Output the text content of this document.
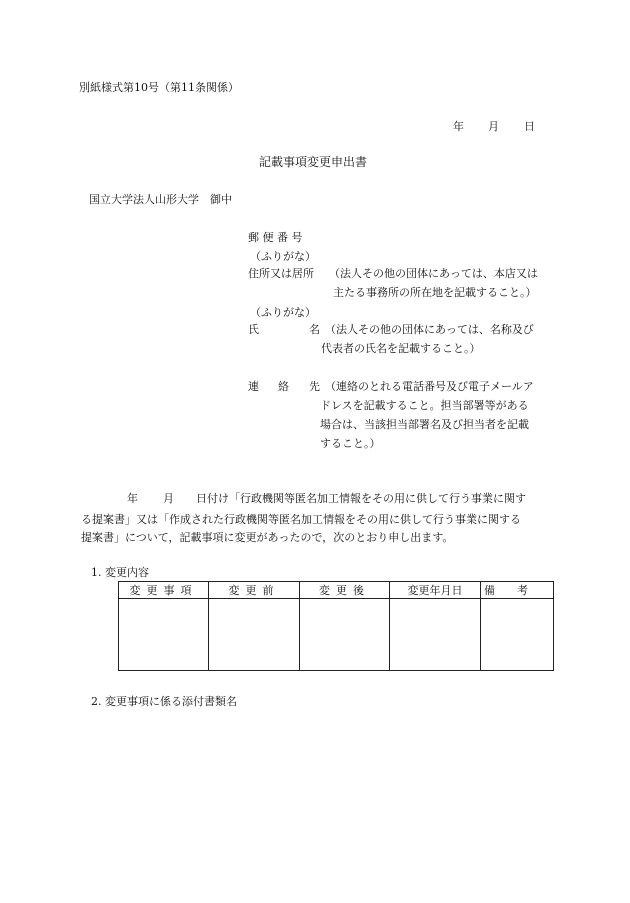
別紙様式第10号（第11条関係）
年 月 日
記載事項変更申出書
国立大学法人山形大学　御中
郵 便 番 号
（ふりがな）
住所又は居所 （法人その他の団体にあっては、本店又は
主たる事務所の所在地を記載すること。）
（ふりがな）
氏	名 （法人その他の団体にあっては、名称及び
代表者の氏名を記載すること。）
連 絡 先 （連絡のとれる電話番号及び電子メールア
ドレスを記載すること。担当部署等がある
場合は、当該担当部署名及び担当者を記載
すること。）
年 月 日付け「行政機関等匿名加工情報をその用に供して行う事業に関す
る提案書」又は「作成された行政機関等匿名加工情報をその用に供して行う事業に関する
提案書」について，記載事項に変更があったので，次のとおり申し出ます。
1. 変更内容
変更事項	変更前	変更後	変更年月日	備考

2. 変更事項に係る添付書類名
